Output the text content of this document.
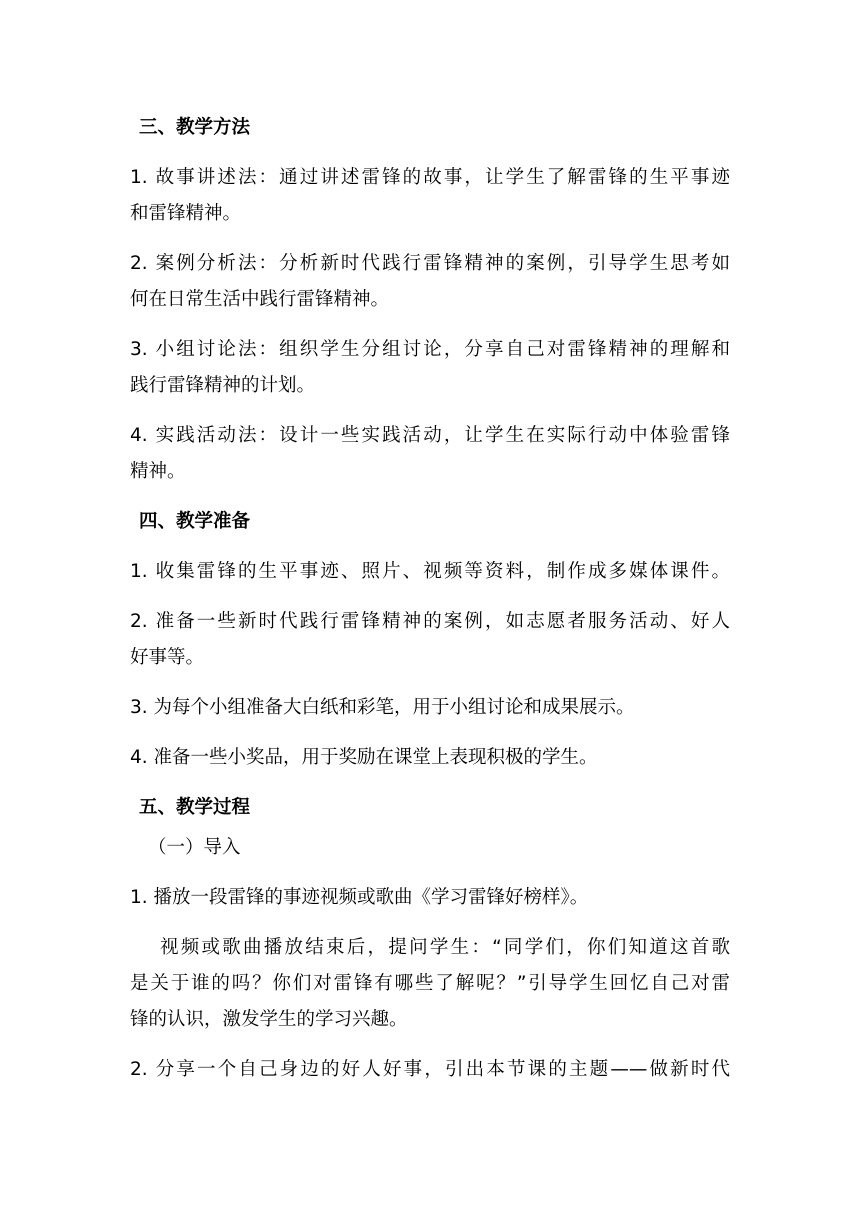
三、教学方法
1. 故事讲述法：通过讲述雷锋的故事，让学生了解雷锋的生平事迹
和雷锋精神。
2. 案例分析法：分析新时代践行雷锋精神的案例，引导学生思考如
何在日常生活中践行雷锋精神。
3. 小组讨论法：组织学生分组讨论，分享自己对雷锋精神的理解和
践行雷锋精神的计划。
4. 实践活动法：设计一些实践活动，让学生在实际行动中体验雷锋
精神。
四、教学准备
1. 收集雷锋的生平事迹、照片、视频等资料，制作成多媒体课件。
2. 准备一些新时代践行雷锋精神的案例，如志愿者服务活动、好人
好事等。
3. 为每个小组准备大白纸和彩笔，用于小组讨论和成果展示。
4. 准备一些小奖品，用于奖励在课堂上表现积极的学生。
五、教学过程
（一）导入
1. 播放一段雷锋的事迹视频或歌曲《学习雷锋好榜样》。
视频或歌曲播放结束后，提问学生：“同学们，你们知道这首歌
是关于谁的吗？你们对雷锋有哪些了解呢？”引导学生回忆自己对雷
锋的认识，激发学生的学习兴趣。
2. 分享一个自己身边的好人好事，引出本节课的主题——做新时代
